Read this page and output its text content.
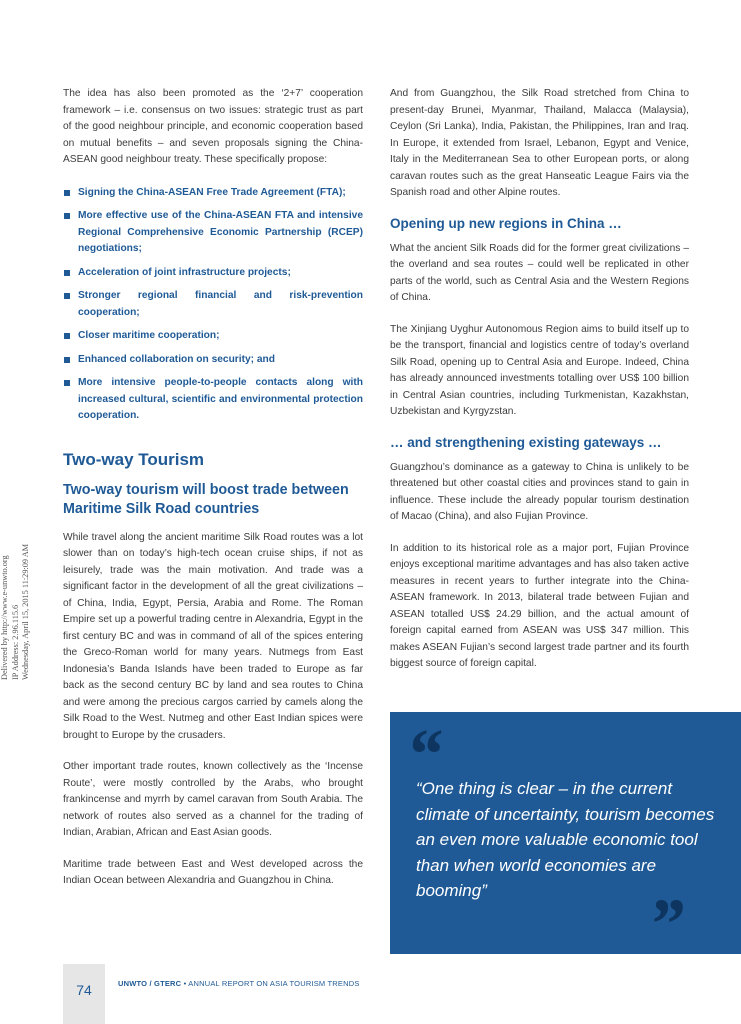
Delivered by http://www.e-unwto.org IP Address: 2.96.115.6 Wednesday, April 15, 2015 11:29:09 AM

The idea has also been promoted as the ‘2+7’ cooperation framework – i.e. consensus on two issues: strategic trust as part of the good neighbour principle, and economic cooperation based on mutual benefits – and seven proposals signing the China-ASEAN good neighbour treaty. These specifically propose:

Signing the China-ASEAN Free Trade Agreement (FTA);
More effective use of the China-ASEAN FTA and intensive Regional Comprehensive Economic Partnership (RCEP) negotiations;
Acceleration of joint infrastructure projects;
Stronger regional financial and risk-prevention cooperation;
Closer maritime cooperation;
Enhanced collaboration on security; and
More intensive people-to-people contacts along with increased cultural, scientific and environmental protection cooperation.
Two-way Tourism
Two-way tourism will boost trade between Maritime Silk Road countries

While travel along the ancient maritime Silk Road routes was a lot slower than on today’s high-tech ocean cruise ships, if not as leisurely, trade was the main motivation. And trade was a significant factor in the development of all the great civilizations – of China, India, Egypt, Persia, Arabia and Rome. The Roman Empire set up a powerful trading centre in Alexandria, Egypt in the first century BC and was in command of all of the spices entering the Greco-Roman world for many years. Nutmegs from East Indonesia’s Banda Islands have been traded to Europe as far back as the second century BC by land and sea routes to China and were among the precious cargos carried by camels along the Silk Road to the West. Nutmeg and other East Indian spices were brought to Europe by the crusaders.

Other important trade routes, known collectively as the ‘Incense Route’, were mostly controlled by the Arabs, who brought frankincense and myrrh by camel caravan from South Arabia. The network of routes also served as a channel for the trading of Indian, Arabian, African and East Asian goods.

Maritime trade between East and West developed across the Indian Ocean between Alexandria and Guangzhou in China.

And from Guangzhou, the Silk Road stretched from China to present-day Brunei, Myanmar, Thailand, Malacca (Malaysia), Ceylon (Sri Lanka), India, Pakistan, the Philippines, Iran and Iraq. In Europe, it extended from Israel, Lebanon, Egypt and Venice, Italy in the Mediterranean Sea to other European ports, or along caravan routes such as the great Hanseatic League Fairs via the Spanish road and other Alpine routes.

Opening up new regions in China …

What the ancient Silk Roads did for the former great civilizations – the overland and sea routes – could well be replicated in other parts of the world, such as Central Asia and the Western Regions of China.

The Xinjiang Uyghur Autonomous Region aims to build itself up to be the transport, financial and logistics centre of today’s overland Silk Road, opening up to Central Asia and Europe. Indeed, China has already announced investments totalling over US$ 100 billion in Central Asian countries, including Turkmenistan, Kazakhstan, Uzbekistan and Kyrgyzstan.

… and strengthening existing gateways …

Guangzhou’s dominance as a gateway to China is unlikely to be threatened but other coastal cities and provinces stand to gain in influence. These include the already popular tourism destination of Macao (China), and also Fujian Province.

In addition to its historical role as a major port, Fujian Province enjoys exceptional maritime advantages and has also taken active measures in recent years to further integrate into the China-ASEAN framework. In 2013, bilateral trade between Fujian and ASEAN totalled US$ 24.29 billion, and the actual amount of foreign capital earned from ASEAN was US$ 347 million. This makes ASEAN Fujian’s second largest trade partner and its fourth biggest source of foreign capital.

“
“One thing is clear – in the current climate of uncertainty, tourism becomes an even more valuable economic tool than when world economies are booming”	”
74	UNWTO / GTERC • ANNUAL REPORT ON ASIA TOURISM TRENDS
